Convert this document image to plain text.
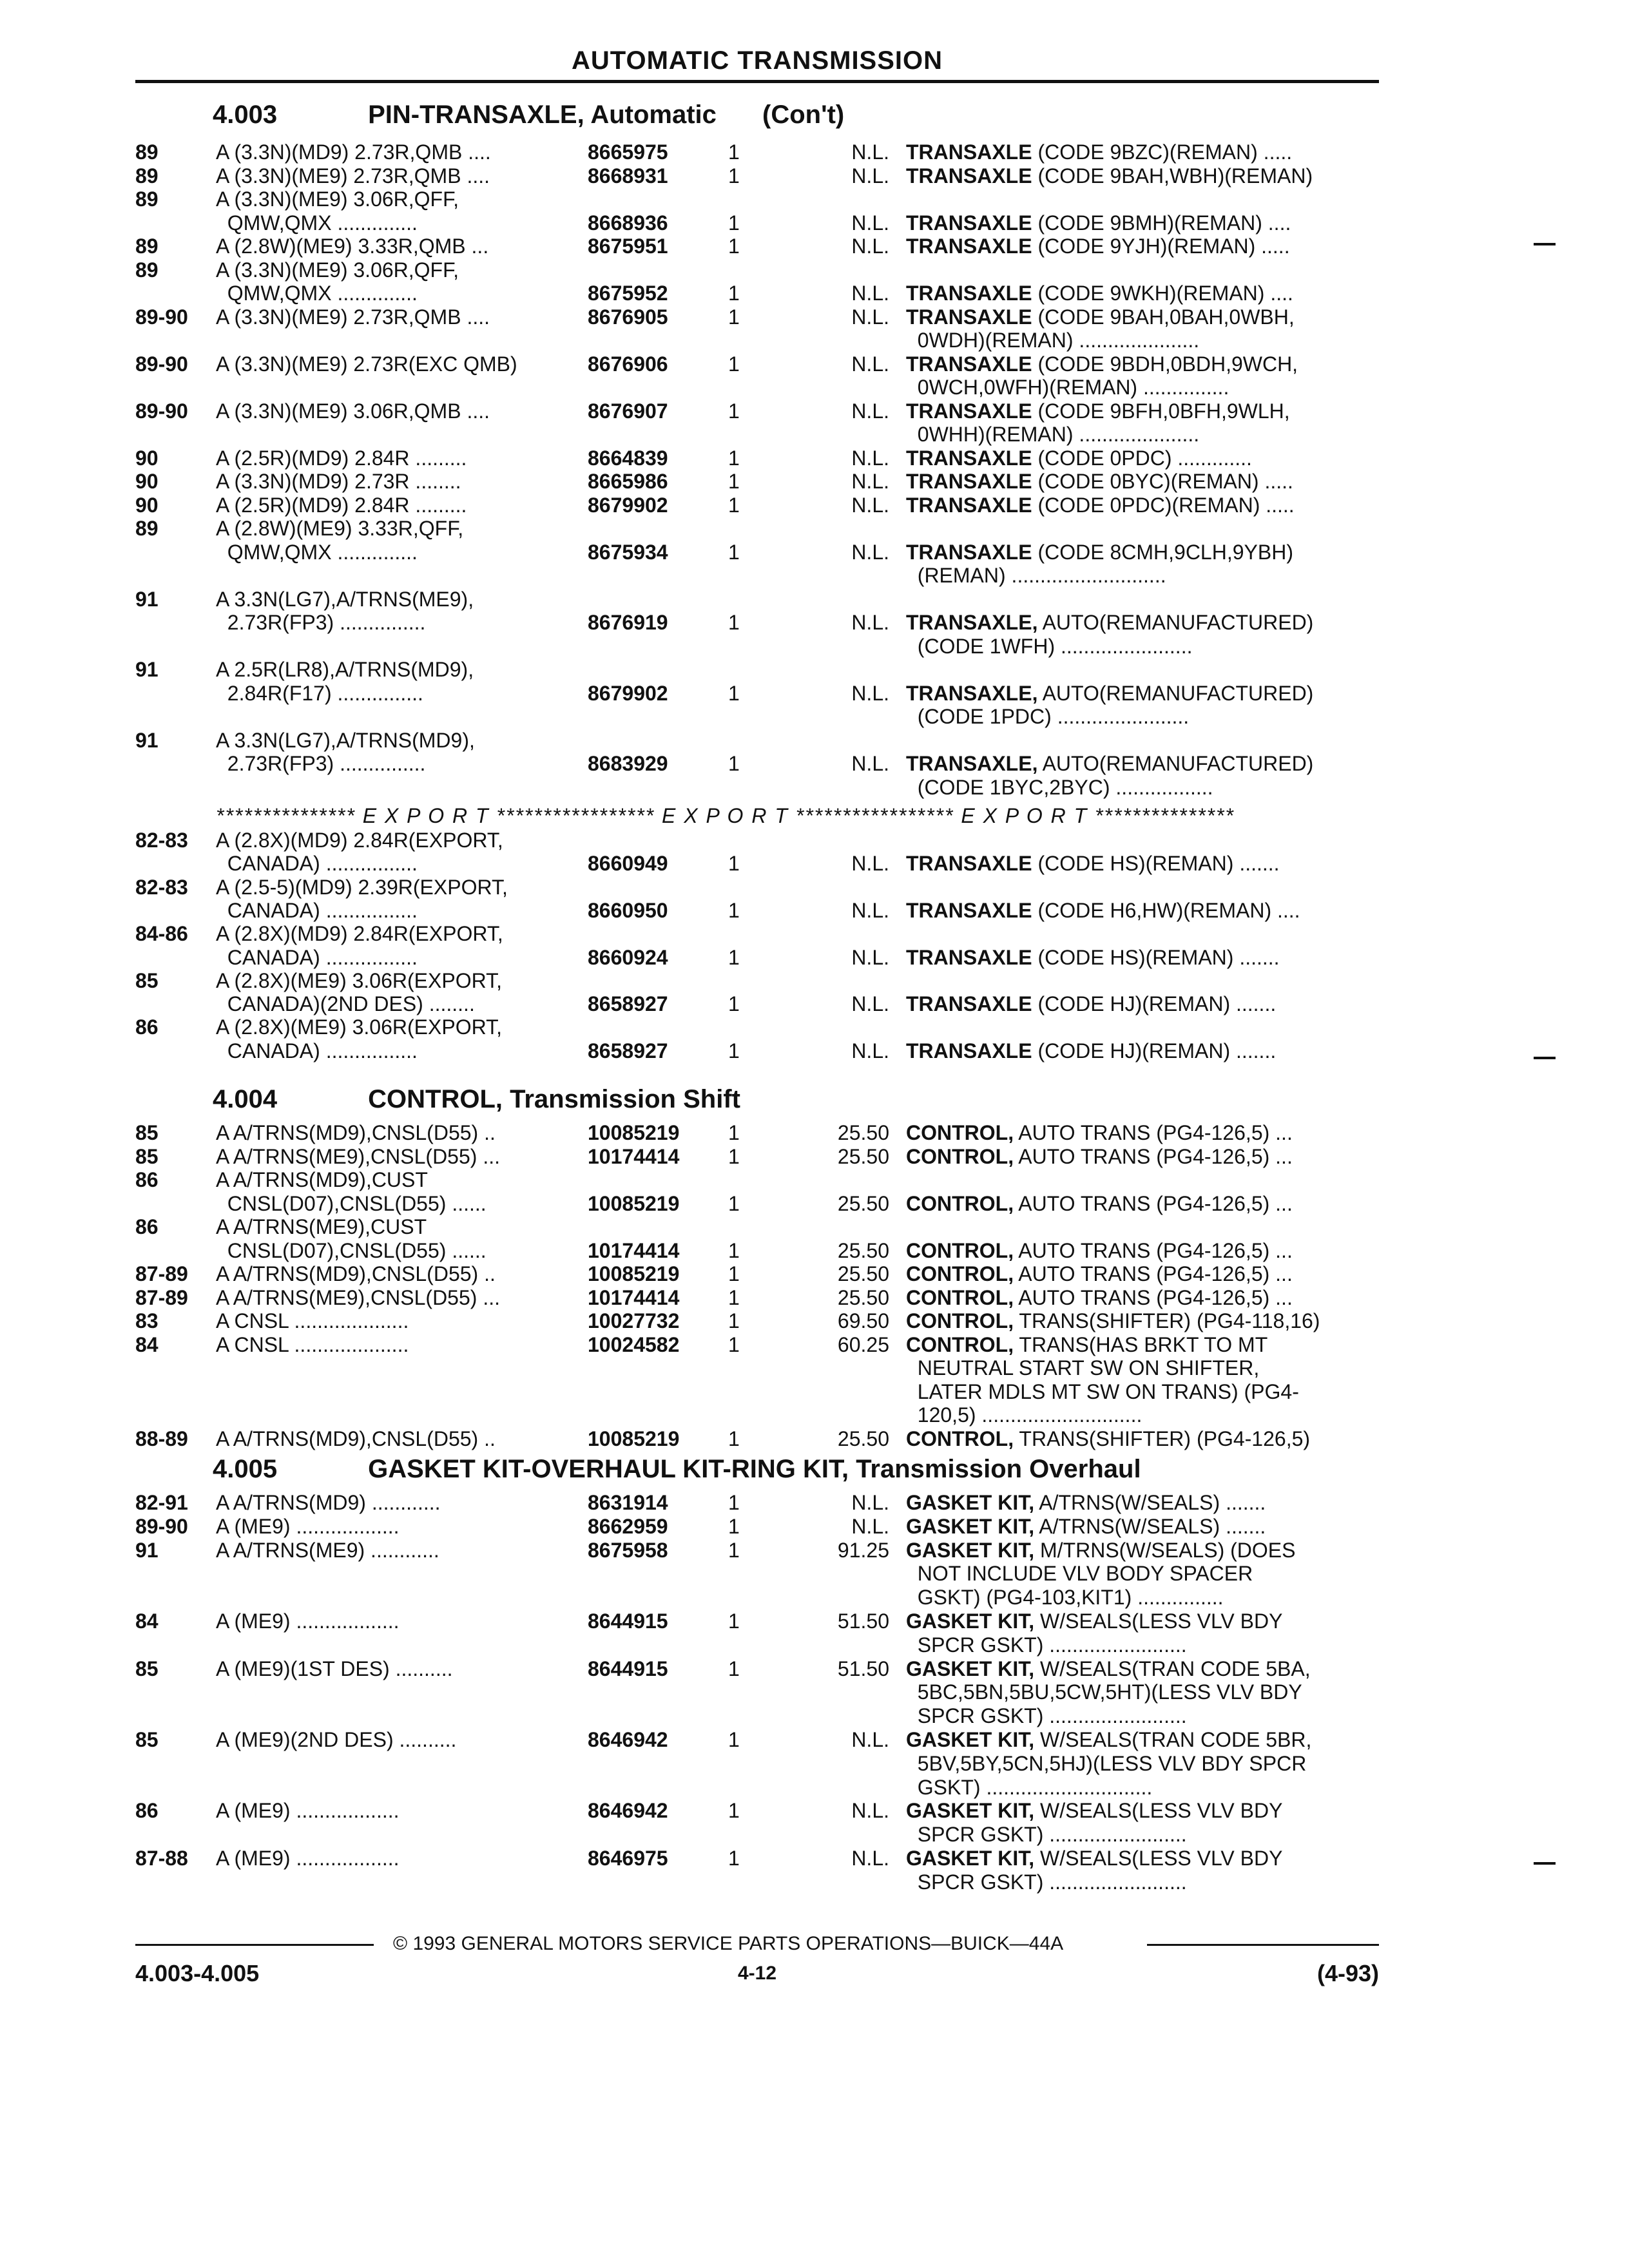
AUTOMATIC TRANSMISSION
4.003	PIN-TRANSAXLE, Automatic (Con't)
89	A (3.3N)(MD9) 2.73R,QMB ....	8665975	1	N.L. TRANSAXLE (CODE 9BZC)(REMAN) .....
89	A (3.3N)(ME9) 2.73R,QMB ....	8668931	1	N.L. TRANSAXLE (CODE 9BAH,WBH)(REMAN)
89	A (3.3N)(ME9) 3.06R,QFF,
QMW,QMX ..............	8668936	1	N.L. TRANSAXLE (CODE 9BMH)(REMAN) ....
89	A (2.8W)(ME9) 3.33R,QMB ...	8675951	1	N.L. TRANSAXLE (CODE 9YJH)(REMAN) .....
89	A (3.3N)(ME9) 3.06R,QFF,
QMW,QMX ..............	8675952	1	N.L. TRANSAXLE (CODE 9WKH)(REMAN) ....
89-90 A (3.3N)(ME9) 2.73R,QMB ....	8676905	1	N.L. TRANSAXLE (CODE 9BAH,0BAH,0WBH,
0WDH)(REMAN) .....................
89-90 A (3.3N)(ME9) 2.73R(EXC QMB)	8676906	1	N.L. TRANSAXLE (CODE 9BDH,0BDH,9WCH,
0WCH,0WFH)(REMAN) ...............
89-90 A (3.3N)(ME9) 3.06R,QMB ....	8676907	1	N.L. TRANSAXLE (CODE 9BFH,0BFH,9WLH,
0WHH)(REMAN) .....................
90	A (2.5R)(MD9) 2.84R .........	8664839	1	N.L. TRANSAXLE (CODE 0PDC) .............
90	A (3.3N)(MD9) 2.73R ........	8665986	1	N.L. TRANSAXLE (CODE 0BYC)(REMAN) .....
90	A (2.5R)(MD9) 2.84R .........	8679902	1	N.L. TRANSAXLE (CODE 0PDC)(REMAN) .....
89	A (2.8W)(ME9) 3.33R,QFF,
QMW,QMX ..............	8675934	1	N.L. TRANSAXLE (CODE 8CMH,9CLH,9YBH)
(REMAN) ...........................
91	A 3.3N(LG7),A/TRNS(ME9),
2.73R(FP3) ...............	8676919	1	N.L. TRANSAXLE, AUTO(REMANUFACTURED)
(CODE 1WFH) .......................
91	A 2.5R(LR8),A/TRNS(MD9),
2.84R(F17) ...............	8679902	1	N.L. TRANSAXLE, AUTO(REMANUFACTURED)
(CODE 1PDC) .......................
91	A 3.3N(LG7),A/TRNS(MD9),
2.73R(FP3) ...............	8683929	1	N.L. TRANSAXLE, AUTO(REMANUFACTURED)
(CODE 1BYC,2BYC) .................
*************** E X P O R T ***************** E X P O R T ***************** E X P O R T ***************
82-83 A (2.8X)(MD9) 2.84R(EXPORT,
CANADA) ................	8660949	1	N.L. TRANSAXLE (CODE HS)(REMAN) .......
82-83 A (2.5-5)(MD9) 2.39R(EXPORT,
CANADA) ................	8660950	1	N.L. TRANSAXLE (CODE H6,HW)(REMAN) ....
84-86 A (2.8X)(MD9) 2.84R(EXPORT,
CANADA) ................	8660924	1	N.L. TRANSAXLE (CODE HS)(REMAN) .......
85	A (2.8X)(ME9) 3.06R(EXPORT,
CANADA)(2ND DES) ........	8658927	1	N.L. TRANSAXLE (CODE HJ)(REMAN) .......
86	A (2.8X)(ME9) 3.06R(EXPORT,
CANADA) ................	8658927	1	N.L. TRANSAXLE (CODE HJ)(REMAN) .......
4.004	CONTROL, Transmission Shift
85	A A/TRNS(MD9),CNSL(D55) ..	10085219 1	25.50 CONTROL, AUTO TRANS (PG4-126,5) ...
85	A A/TRNS(ME9),CNSL(D55) ...	10174414 1	25.50 CONTROL, AUTO TRANS (PG4-126,5) ...
86	A A/TRNS(MD9),CUST
CNSL(D07),CNSL(D55) ......	10085219 1	25.50 CONTROL, AUTO TRANS (PG4-126,5) ...
86	A A/TRNS(ME9),CUST
CNSL(D07),CNSL(D55) ......	10174414 1	25.50 CONTROL, AUTO TRANS (PG4-126,5) ...
87-89 A A/TRNS(MD9),CNSL(D55) ..	10085219 1	25.50 CONTROL, AUTO TRANS (PG4-126,5) ...
87-89 A A/TRNS(ME9),CNSL(D55) ...	10174414 1	25.50 CONTROL, AUTO TRANS (PG4-126,5) ...
83	A CNSL ....................	10027732 1	69.50 CONTROL, TRANS(SHIFTER) (PG4-118,16)
84	A CNSL ....................	10024582 1	60.25 CONTROL, TRANS(HAS BRKT TO MT
NEUTRAL START SW ON SHIFTER,
LATER MDLS MT SW ON TRANS) (PG4-
120,5) ............................
88-89 A A/TRNS(MD9),CNSL(D55) ..	10085219 1	25.50 CONTROL, TRANS(SHIFTER) (PG4-126,5)
4.005	GASKET KIT-OVERHAUL KIT-RING KIT, Transmission Overhaul
82-91 A A/TRNS(MD9) ............	8631914	1	N.L. GASKET KIT, A/TRNS(W/SEALS) .......
89-90 A (ME9) ..................	8662959	1	N.L. GASKET KIT, A/TRNS(W/SEALS) .......
91	A A/TRNS(ME9) ............	8675958	1	91.25 GASKET KIT, M/TRNS(W/SEALS) (DOES
NOT INCLUDE VLV BODY SPACER
GSKT) (PG4-103,KIT1) ...............
84	A (ME9) ..................	8644915	1	51.50 GASKET KIT, W/SEALS(LESS VLV BDY
SPCR GSKT) ........................
85	A (ME9)(1ST DES) ..........	8644915	1	51.50 GASKET KIT, W/SEALS(TRAN CODE 5BA,
5BC,5BN,5BU,5CW,5HT)(LESS VLV BDY
SPCR GSKT) ........................
85	A (ME9)(2ND DES) ..........	8646942	1	N.L. GASKET KIT, W/SEALS(TRAN CODE 5BR,
5BV,5BY,5CN,5HJ)(LESS VLV BDY SPCR
GSKT) .............................
86	A (ME9) ..................	8646942	1	N.L. GASKET KIT, W/SEALS(LESS VLV BDY
SPCR GSKT) ........................
87-88 A (ME9) ..................	8646975	1	N.L. GASKET KIT, W/SEALS(LESS VLV BDY
SPCR GSKT) ........................
© 1993 GENERAL MOTORS SERVICE PARTS OPERATIONS—BUICK—44A
4.003-4.005	4-12	(4-93)
